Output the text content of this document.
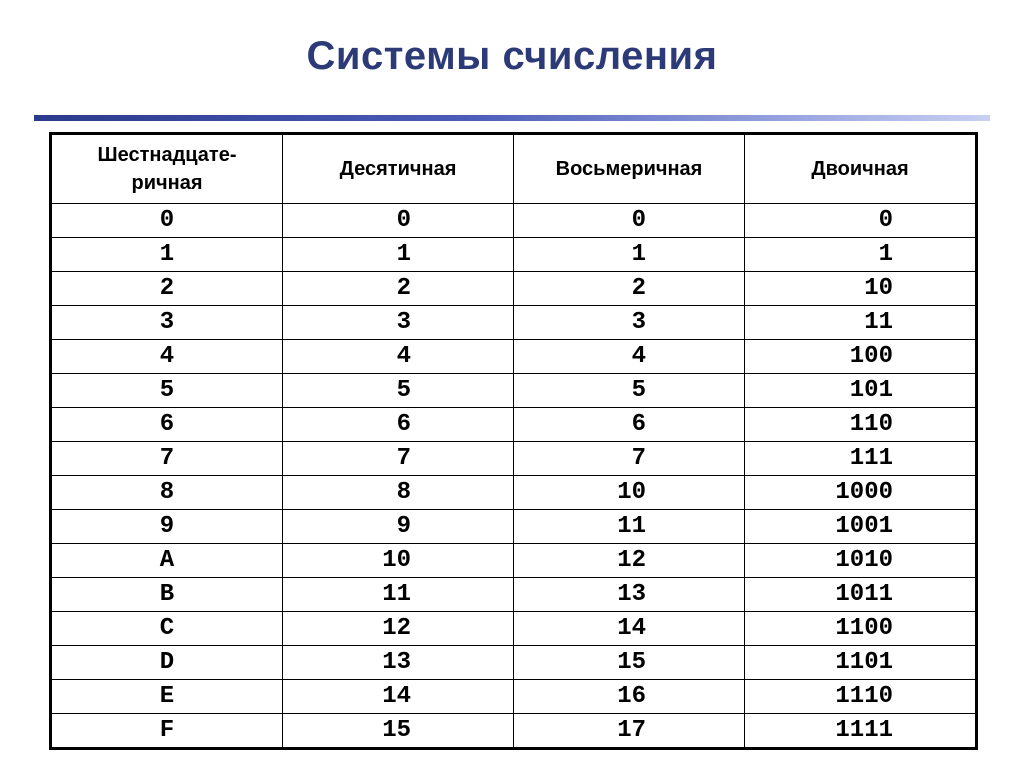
Системы счисления
Шестнадцате-
ричная	Десятичная	Восьмеричная	Двоичная
0	0	0	0
1	1	1	1
2	2	2	10
3	3	3	11
4	4	4	100
5	5	5	101
6	6	6	110
7	7	7	111
8	8	10	1000
9	9	11	1001
A	10	12	1010
B	11	13	1011
C	12	14	1100
D	13	15	1101
E	14	16	1110
F	15	17	1111
